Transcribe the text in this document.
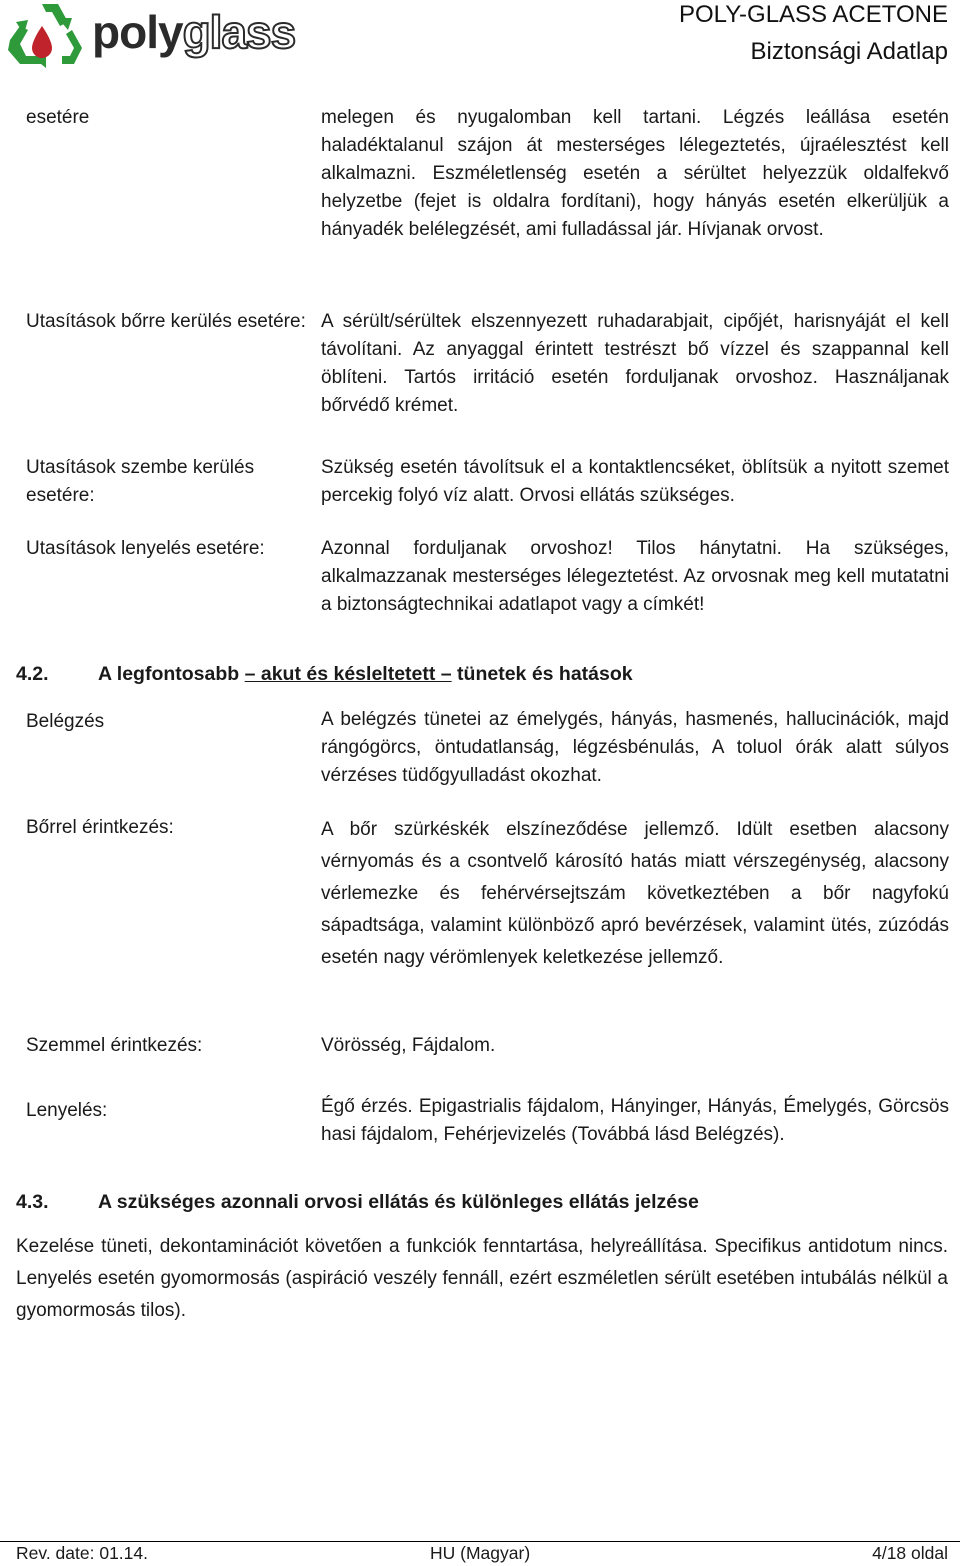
polyglass	POLY-GLASS ACETONE
Biztonsági Adatlap
esetére	melegen és nyugalomban kell tartani. Légzés leállása esetén haladéktalanul szájon át mesterséges lélegeztetés, újraélesztést kell alkalmazni. Eszméletlenség esetén a sérültet helyezzük oldalfekvő helyzetbe (fejet is oldalra fordítani), hogy hányás esetén elkerüljük a hányadék belélegzését, ami fulladással jár. Hívjanak orvost.
Utasítások bőrre kerülés esetére: A sérült/sérültek elszennyezett ruhadarabjait, cipőjét, harisnyáját el kell távolítani. Az anyaggal érintett testrészt bő vízzel és szappannal kell öblíteni. Tartós irritáció esetén forduljanak orvoshoz. Használjanak bőrvédő krémet.
Utasítások szembe kerülés esetére:
Szükség esetén távolítsuk el a kontaktlencséket, öblítsük a nyitott szemet percekig folyó víz alatt. Orvosi ellátás szükséges.
Utasítások lenyelés esetére:	Azonnal forduljanak orvoshoz! Tilos hánytatni. Ha szükséges, alkalmazzanak mesterséges lélegeztetést. Az orvosnak meg kell mutatatni a biztonságtechnikai adatlapot vagy a címkét!
4.2.	A legfontosabb – akut és késleltetett – tünetek és hatások
Belégzés	A belégzés tünetei az émelygés, hányás, hasmenés, hallucinációk, majd rángógörcs, öntudatlanság, légzésbénulás, A toluol órák alatt súlyos vérzéses tüdőgyulladást okozhat.
Bőrrel érintkezés:	A bőr szürkéskék elszíneződése jellemző. Idült esetben alacsony vérnyomás és a csontvelő károsító hatás miatt vérszegénység, alacsony vérlemezke és fehérvérsejtszám következtében a bőr nagyfokú sápadtsága, valamint különböző apró bevérzések, valamint ütés, zúzódás esetén nagy vérömlenyek keletkezése jellemző.
Szemmel érintkezés:	Vörösség, Fájdalom.
Lenyelés:	Égő érzés. Epigastrialis fájdalom, Hányinger, Hányás, Émelygés, Görcsös hasi fájdalom, Fehérjevizelés (Továbbá lásd Belégzés).
4.3.	A szükséges azonnali orvosi ellátás és különleges ellátás jelzése
Kezelése tüneti, dekontaminációt követően a funkciók fenntartása, helyreállítása. Specifikus antidotum nincs. Lenyelés esetén gyomormosás (aspiráció veszély fennáll, ezért eszméletlen sérült esetében intubálás nélkül a gyomormosás tilos).
Rev. date: 01.14.	HU (Magyar)	4/18 oldal
